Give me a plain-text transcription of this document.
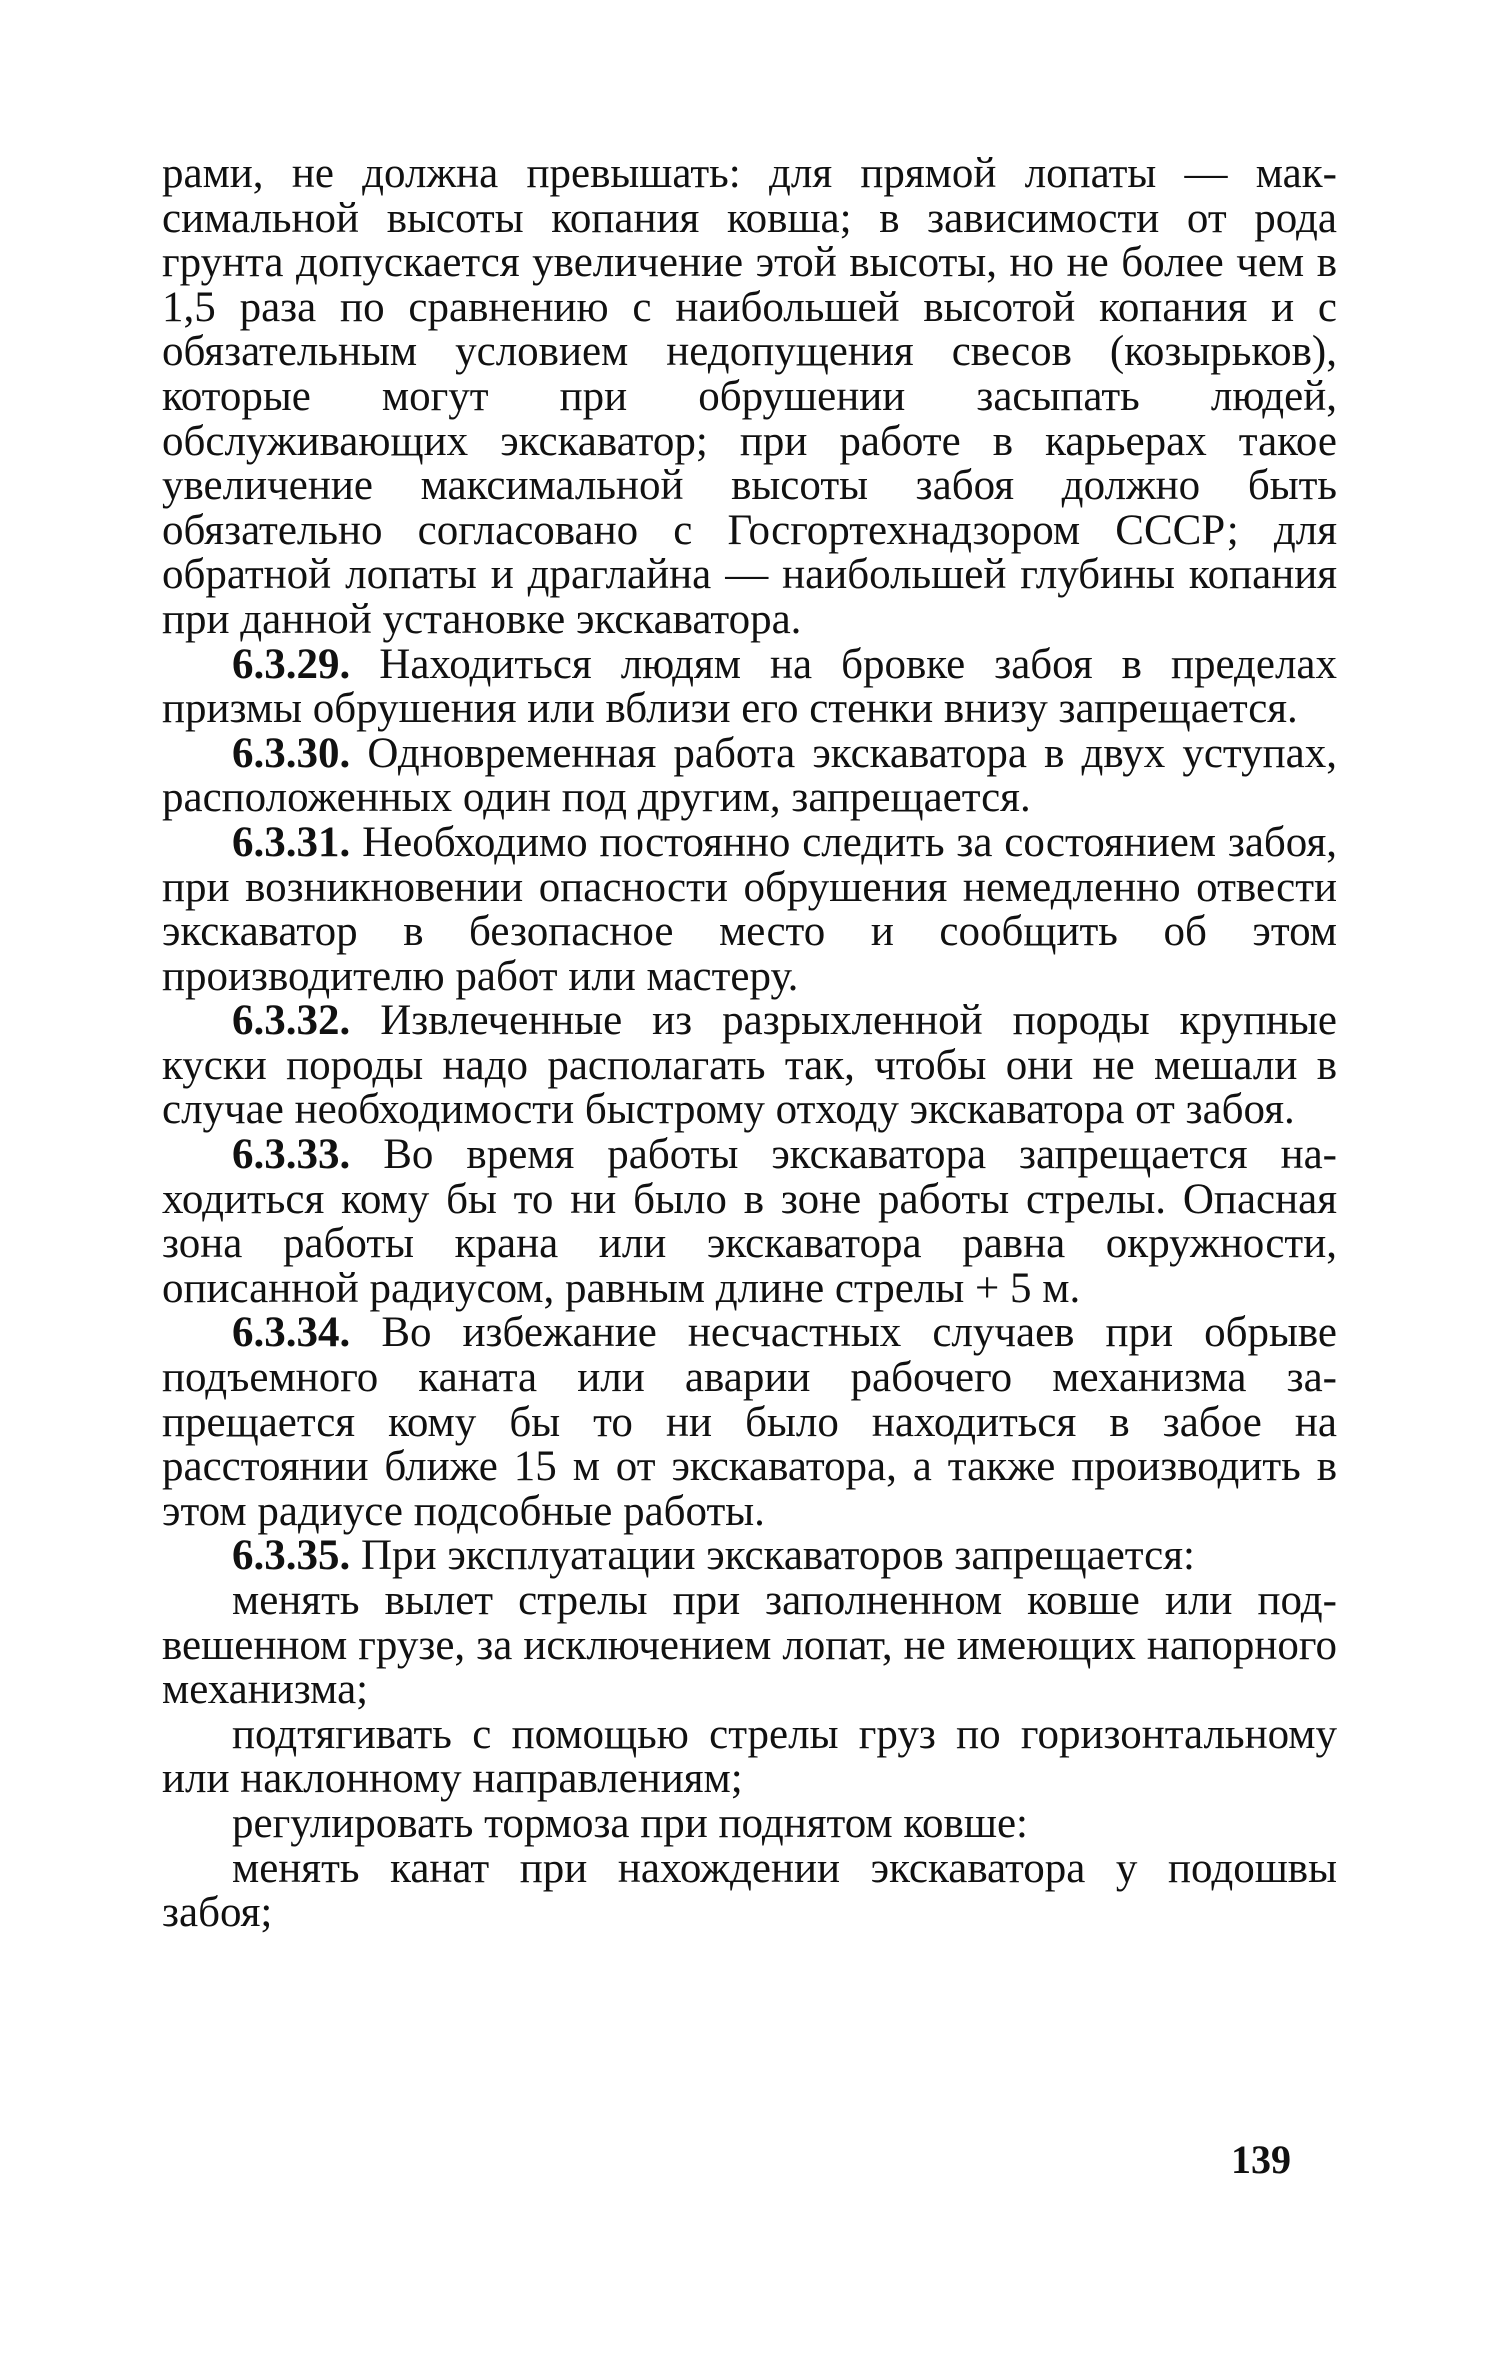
рами, не должна превышать: для прямой лопаты — максимальной высоты копания ковша; в зависимости от рода грунта допускается увеличение этой высоты, но не более чем в 1,5 раза по сравнению с наибольшей высотой копания и с обязательным условием недопущения свесов (козырьков), которые могут при обрушении засыпать людей, обслуживающих экскаватор; при работе в карьерах такое увеличение максимальной высоты забоя должно быть обязательно согласовано с Госгортехнадзором СССР; для обратной лопаты и драглайна — наибольшей глубины копания при данной установке экскаватора.

6.3.29. Находиться людям на бровке забоя в пределах призмы обрушения или вблизи его стенки внизу запрещается.

6.3.30. Одновременная работа экскаватора в двух уступах, расположенных один под другим, запрещается.

6.3.31. Необходимо постоянно следить за состоянием забоя, при возникновении опасности обрушения немедленно отвести экскаватор в безопасное место и сообщить об этом производителю работ или мастеру.

6.3.32. Извлеченные из разрыхленной породы крупные куски породы надо располагать так, чтобы они не мешали в случае необходимости быстрому отходу экскаватора от забоя.

6.3.33. Во время работы экскаватора запрещается находиться кому бы то ни было в зоне работы стрелы. Опасная зона работы крана или экскаватора равна окружности, описанной радиусом, равным длине стрелы + 5 м.

6.3.34. Во избежание несчастных случаев при обрыве подъемного каната или аварии рабочего механизма запрещается кому бы то ни было находиться в забое на расстоянии ближе 15 м от экскаватора, а также производить в этом радиусе подсобные работы.

6.3.35. При эксплуатации экскаваторов запрещается:

менять вылет стрелы при заполненном ковше или подвешенном грузе, за исключением лопат, не имеющих напорного механизма;

подтягивать с помощью стрелы груз по горизонтальному или наклонному направлениям;

регулировать тормоза при поднятом ковше:

менять канат при нахождении экскаватора у подошвы забоя;

139
